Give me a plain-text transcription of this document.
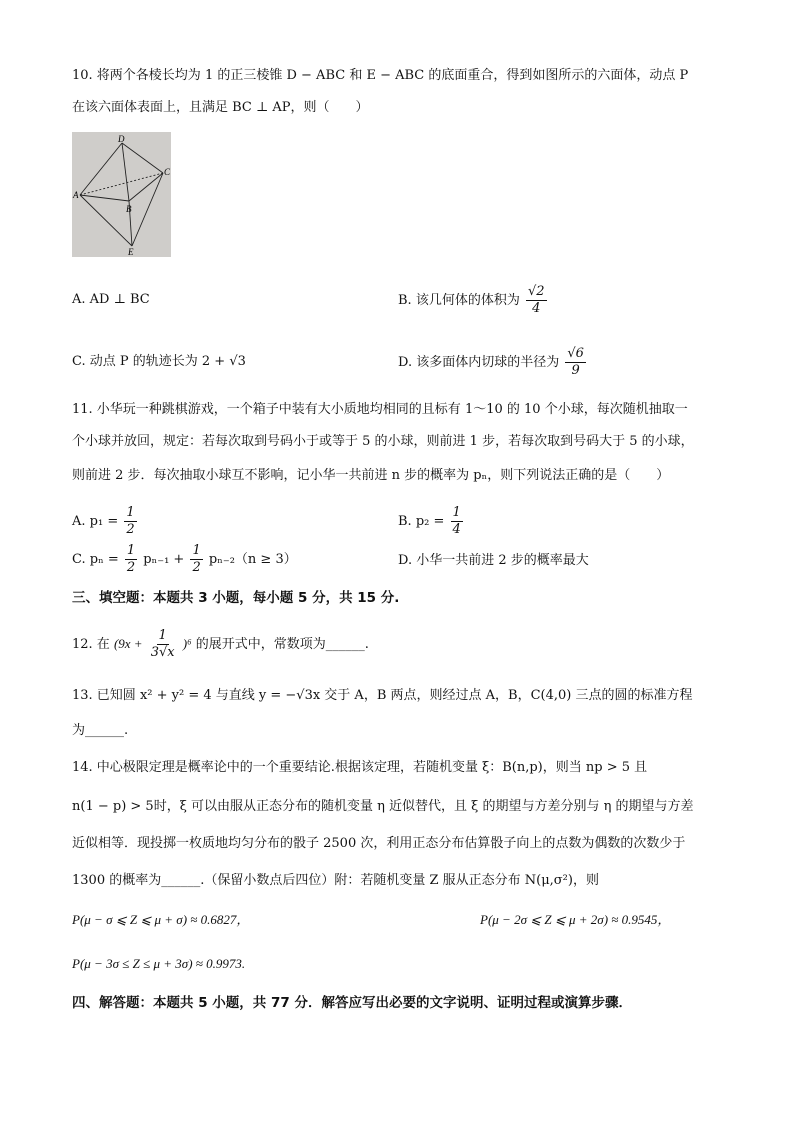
10. 将两个各棱长均为 1 的正三棱锥 D − ABC 和 E − ABC 的底面重合，得到如图所示的六面体，动点 P
在该六面体表面上，且满足 BC ⊥ AP，则（　　）
D
C
A
B
E
A. AD ⊥ BC	B. 该几何体的体积为 $\frac{√2}{4}$
C. 动点 P 的轨迹长为 2 + √3	D. 该多面体内切球的半径为 $\frac{√6}{9}$
11. 小华玩一种跳棋游戏，一个箱子中装有大小质地均相同的且标有 1～10 的 10 个小球，每次随机抽取一
个小球并放回，规定：若每次取到号码小于或等于 5 的小球，则前进 1 步，若每次取到号码大于 5 的小球，
则前进 2 步．每次抽取小球互不影响，记小华一共前进 n 步的概率为 pₙ，则下列说法正确的是（　　）
A. $p_1 = \frac{1}{2}$	B. $p_2 = \frac{1}{4}$
C. $p_n = \frac{1}{2} p_{n-1} + \frac{1}{2} p_{n-2}(n \ge 3)$	D. 小华一共前进 2 步的概率最大
三、填空题：本题共 3 小题，每小题 5 分，共 15 分.
12. 在 $(9x + \frac{1}{3√x} )^6$ 的展开式中，常数项为______.
13. 已知圆 x² + y² = 4 与直线 y = −√3x 交于 A，B 两点，则经过点 A，B，C(4,0) 三点的圆的标准方程
为______.
14. 中心极限定理是概率论中的一个重要结论.根据该定理，若随机变量 ξ：B(n,p)，则当 np > 5 且
n(1 − p) > 5时，ξ 可以由服从正态分布的随机变量 η 近似替代，且 ξ 的期望与方差分别与 η 的期望与方差
近似相等．现投掷一枚质地均匀分布的骰子 2500 次，利用正态分布估算骰子向上的点数为偶数的次数少于
1300 的概率为______.（保留小数点后四位）附：若随机变量 Z 服从正态分布 N(μ,σ²)，则
P(μ − σ ⩽ Z ⩽ μ + σ) ≈ 0.6827，	P(μ − 2σ ⩽ Z ⩽ μ + 2σ) ≈ 0.9545，
P(μ − 3σ ≤ Z ≤ μ + 3σ) ≈ 0.9973.
四、解答题：本题共 5 小题，共 77 分．解答应写出必要的文字说明、证明过程或演算步骤．
